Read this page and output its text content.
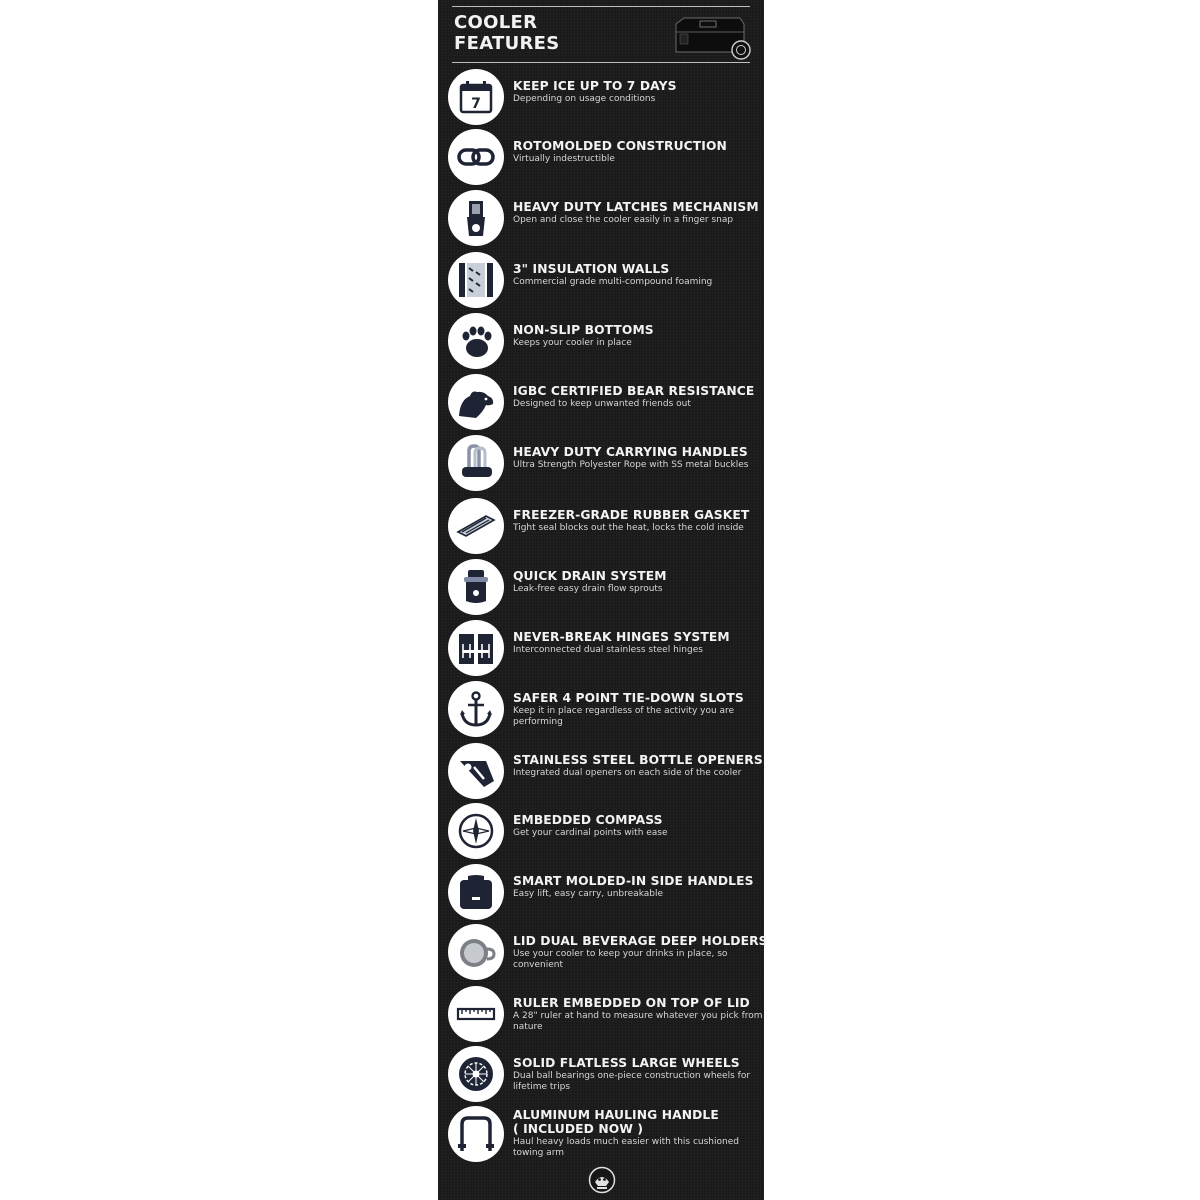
COOLER
FEATURES
7
KEEP ICE UP TO 7 DAYS
Depending on usage conditions
ROTOMOLDED CONSTRUCTION
Virtually indestructible
HEAVY DUTY LATCHES MECHANISM
Open and close the cooler easily in a finger snap
3" INSULATION WALLS
Commercial grade multi-compound foaming
NON-SLIP BOTTOMS
Keeps your cooler in place
IGBC CERTIFIED BEAR RESISTANCE
Designed to keep unwanted friends out
HEAVY DUTY CARRYING HANDLES
Ultra Strength Polyester Rope with SS metal buckles
FREEZER-GRADE RUBBER GASKET
Tight seal blocks out the heat, locks the cold inside
QUICK DRAIN SYSTEM
Leak-free easy drain flow sprouts
NEVER-BREAK HINGES SYSTEM
Interconnected dual stainless steel hinges
SAFER 4 POINT TIE-DOWN SLOTS
Keep it in place regardless of the activity you are performing
STAINLESS STEEL BOTTLE OPENERS
Integrated dual openers on each side of the cooler
EMBEDDED COMPASS
Get your cardinal points with ease
SMART MOLDED-IN SIDE HANDLES
Easy lift, easy carry, unbreakable
LID DUAL BEVERAGE DEEP HOLDERS
Use your cooler to keep your drinks in place, so convenient
RULER EMBEDDED ON TOP OF LID
A 28" ruler at hand to measure whatever you pick from nature
SOLID FLATLESS LARGE WHEELS
Dual ball bearings one-piece construction wheels for lifetime trips
ALUMINUM HAULING HANDLE
( INCLUDED NOW )
Haul heavy loads much easier with this cushioned towing arm
